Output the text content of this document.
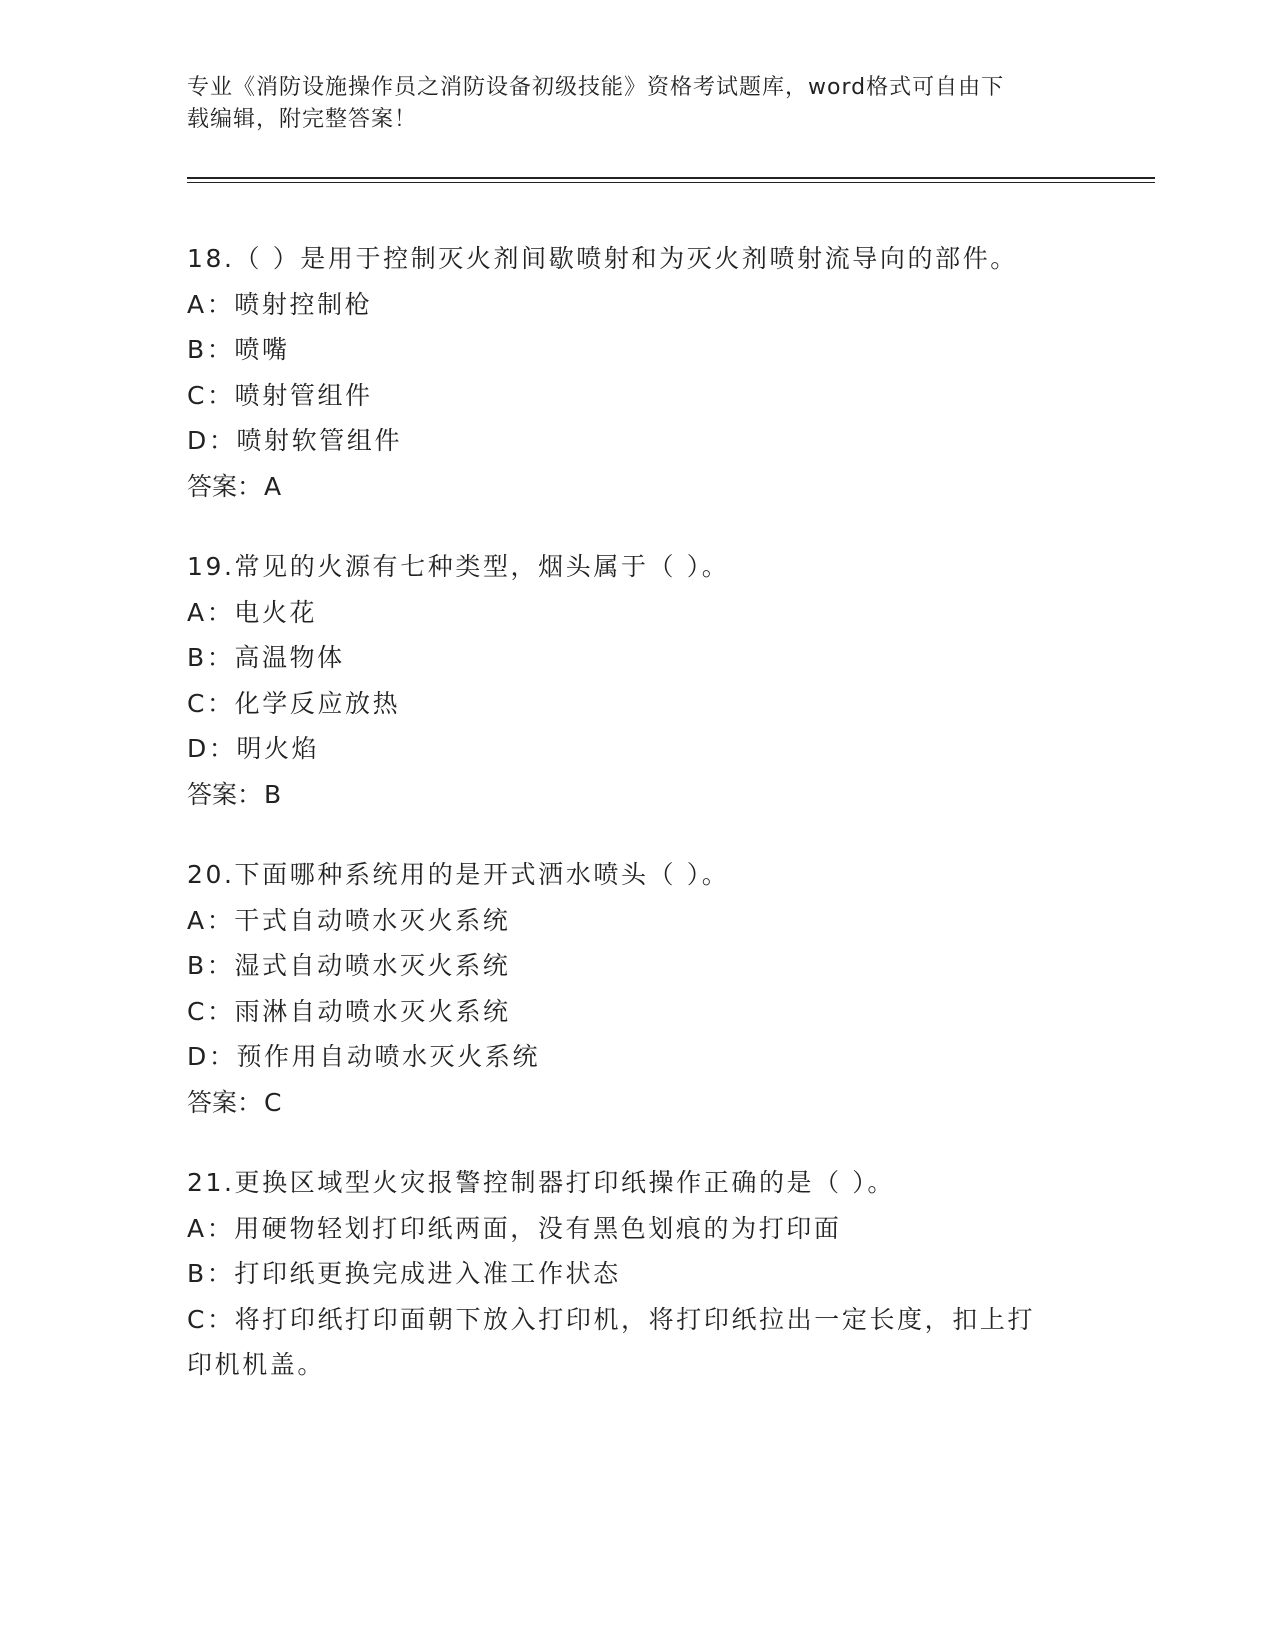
专业《消防设施操作员之消防设备初级技能》资格考试题库，word格式可自由下
载编辑，附完整答案！
18.（ ）是用于控制灭火剂间歇喷射和为灭火剂喷射流导向的部件。
A：喷射控制枪
B：喷嘴
C：喷射管组件
D：喷射软管组件
答案：A
19.常见的火源有七种类型，烟头属于（ ）。
A：电火花
B：高温物体
C：化学反应放热
D：明火焰
答案：B
20.下面哪种系统用的是开式洒水喷头（ ）。
A：干式自动喷水灭火系统
B：湿式自动喷水灭火系统
C：雨淋自动喷水灭火系统
D：预作用自动喷水灭火系统
答案：C
21.更换区域型火灾报警控制器打印纸操作正确的是（ ）。
A：用硬物轻划打印纸两面，没有黑色划痕的为打印面
B：打印纸更换完成进入准工作状态
C：将打印纸打印面朝下放入打印机，将打印纸拉出一定长度，扣上打
印机机盖。
